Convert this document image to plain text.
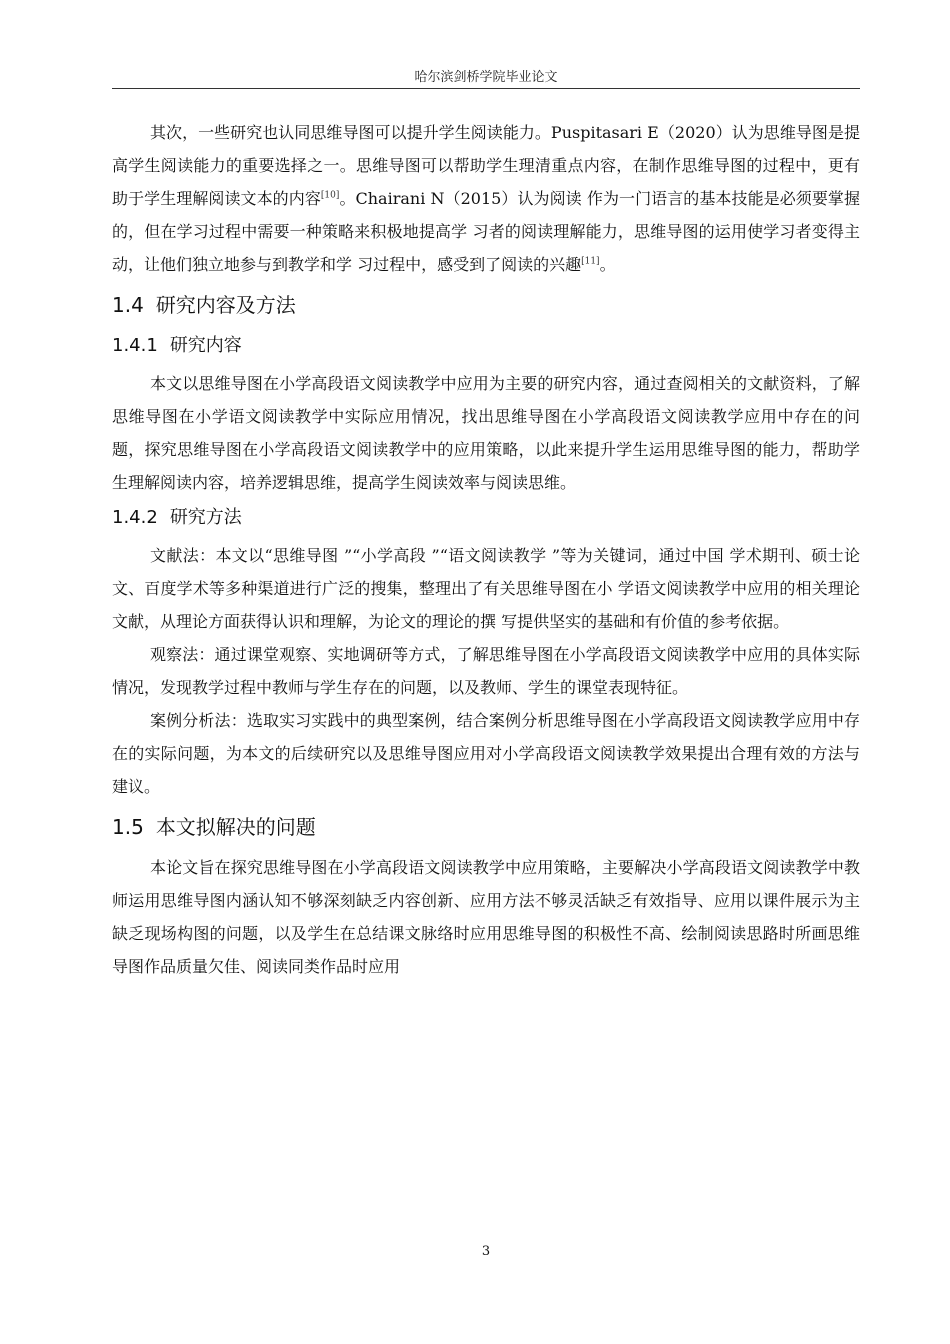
哈尔滨剑桥学院毕业论文

其次，一些研究也认同思维导图可以提升学生阅读能力。Puspitasari E（2020）认为思维导图是提高学生阅读能力的重要选择之一。思维导图可以帮助学生理清重点内容，在制作思维导图的过程中，更有助于学生理解阅读文本的内容[10]。Chairani N（2015）认为阅读 作为一门语言的基本技能是必须要掌握的，但在学习过程中需要一种策略来积极地提高学 习者的阅读理解能力，思维导图的运用使学习者变得主动，让他们独立地参与到教学和学 习过程中，感受到了阅读的兴趣[11]。

1.4 研究内容及方法
1.4.1 研究内容

本文以思维导图在小学高段语文阅读教学中应用为主要的研究内容，通过查阅相关的文献资料，了解思维导图在小学语文阅读教学中实际应用情况，找出思维导图在小学高段语文阅读教学应用中存在的问题，探究思维导图在小学高段语文阅读教学中的应用策略，以此来提升学生运用思维导图的能力，帮助学生理解阅读内容，培养逻辑思维，提高学生阅读效率与阅读思维。

1.4.2 研究方法

文献法：本文以“思维导图 ”“小学高段 ”“语文阅读教学 ”等为关键词，通过中国 学术期刊、硕士论文、百度学术等多种渠道进行广泛的搜集，整理出了有关思维导图在小 学语文阅读教学中应用的相关理论文献，从理论方面获得认识和理解，为论文的理论的撰 写提供坚实的基础和有价值的参考依据。

观察法：通过课堂观察、实地调研等方式，了解思维导图在小学高段语文阅读教学中应用的具体实际情况，发现教学过程中教师与学生存在的问题，以及教师、学生的课堂表现特征。

案例分析法：选取实习实践中的典型案例，结合案例分析思维导图在小学高段语文阅读教学应用中存在的实际问题，为本文的后续研究以及思维导图应用对小学高段语文阅读教学效果提出合理有效的方法与建议。

1.5 本文拟解决的问题

本论文旨在探究思维导图在小学高段语文阅读教学中应用策略，主要解决小学高段语文阅读教学中教师运用思维导图内涵认知不够深刻缺乏内容创新、应用方法不够灵活缺乏有效指导、应用以课件展示为主缺乏现场构图的问题，以及学生在总结课文脉络时应用思维导图的积极性不高、绘制阅读思路时所画思维导图作品质量欠佳、阅读同类作品时应用

3
